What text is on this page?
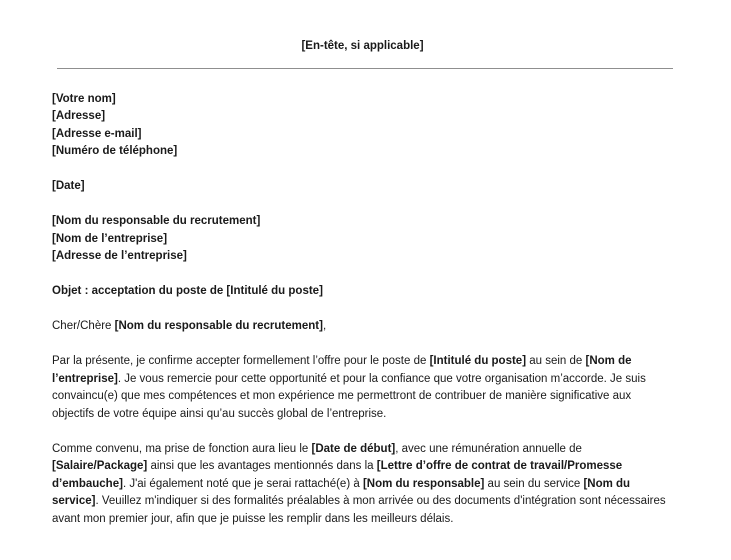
[En-tête, si applicable]
[Votre nom]
[Adresse]
[Adresse e-mail]
[Numéro de téléphone]
[Date]
[Nom du responsable du recrutement]
[Nom de l’entreprise]
[Adresse de l’entreprise]
Objet : acceptation du poste de [Intitulé du poste]

Cher/Chère [Nom du responsable du recrutement],

Par la présente, je confirme accepter formellement l’offre pour le poste de [Intitulé du poste] au sein de [Nom de l’entreprise]. Je vous remercie pour cette opportunité et pour la confiance que votre organisation m’accorde. Je suis convaincu(e) que mes compétences et mon expérience me permettront de contribuer de manière significative aux objectifs de votre équipe ainsi qu’au succès global de l’entreprise.

Comme convenu, ma prise de fonction aura lieu le [Date de début], avec une rémunération annuelle de [Salaire/Package] ainsi que les avantages mentionnés dans la [Lettre d’offre de contrat de travail/Promesse d’embauche]. J'ai également noté que je serai rattaché(e) à [Nom du responsable] au sein du service [Nom du service]. Veuillez m'indiquer si des formalités préalables à mon arrivée ou des documents d'intégration sont nécessaires avant mon premier jour, afin que je puisse les remplir dans les meilleurs délais.
